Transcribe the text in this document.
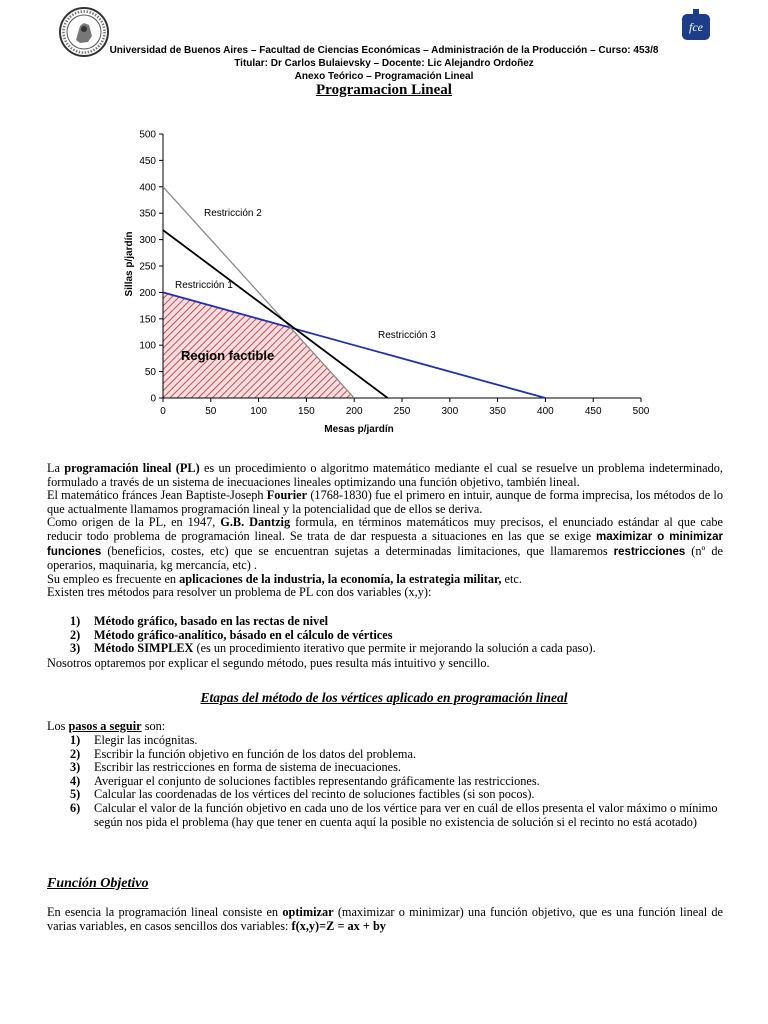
fce
Universidad de Buenos Aires – Facultad de Ciencias Económicas – Administración de la Producción – Curso: 453/8
Titular: Dr Carlos Bulaievsky – Docente: Lic Alejandro Ordoñez
Anexo Teórico – Programación Lineal
Programacion Lineal
0	50	100	150	200	250	300	350	400	450	500
0
50
100
150
200
250
300
350
400
450
500
Restricción 2
Restricción 1
Restricción 3
Region factible
Mesas p/jardín
Sillas p/jardín

La programación lineal (PL) es un procedimiento o algoritmo matemático mediante el cual se resuelve un problema indeterminado, formulado a través de un sistema de inecuaciones lineales optimizando una función objetivo, también lineal.

El matemático fránces Jean Baptiste-Joseph Fourier (1768-1830) fue el primero en intuir, aunque de forma imprecisa, los métodos de lo que actualmente llamamos programación lineal y la potencialidad que de ellos se deriva.

Como origen de la PL, en 1947, G.B. Dantzig formula, en términos matemáticos muy precisos, el enunciado estándar al que cabe reducir todo problema de programación lineal. Se trata de dar respuesta a situaciones en las que se exige maximizar o minimizar funciones (beneficios, costes, etc) que se encuentran sujetas a determinadas limitaciones, que llamaremos restricciones (nº de operarios, maquinaria, kg mercancía, etc) .

Su empleo es frecuente en aplicaciones de la industria, la economía, la estrategia militar, etc.

Existen tres métodos para resolver un problema de PL con dos variables (x,y):

1)	Método gráfico, basado en las rectas de nivel
2)	Método gráfico-analítico, básado en el cálculo de vértices
3)	Método SIMPLEX (es un procedimiento iterativo que permite ir mejorando la solución a cada paso).
Nosotros optaremos por explicar el segundo método, pues resulta más intuitivo y sencillo.
Etapas del método de los vértices aplicado en programación lineal
Los pasos a seguir son:
1)	Elegir las incógnitas.
2)	Escribir la función objetivo en función de los datos del problema.
3)	Escribir las restricciones en forma de sistema de inecuaciones.
4)	Averiguar el conjunto de soluciones factibles representando gráficamente las restricciones.
5)	Calcular las coordenadas de los vértices del recinto de soluciones factibles (si son pocos).
6)	Calcular el valor de la función objetivo en cada uno de los vértice para ver en cuál de ellos presenta el valor máximo o mínimo según nos pida el problema (hay que tener en cuenta aquí la posible no existencia de solución si el recinto no está acotado)
Función Objetivo
En esencia la programación lineal consiste en optimizar (maximizar o minimizar) una función objetivo, que es una función lineal de varias variables, en casos sencillos dos variables: f(x,y)=Z = ax + by
